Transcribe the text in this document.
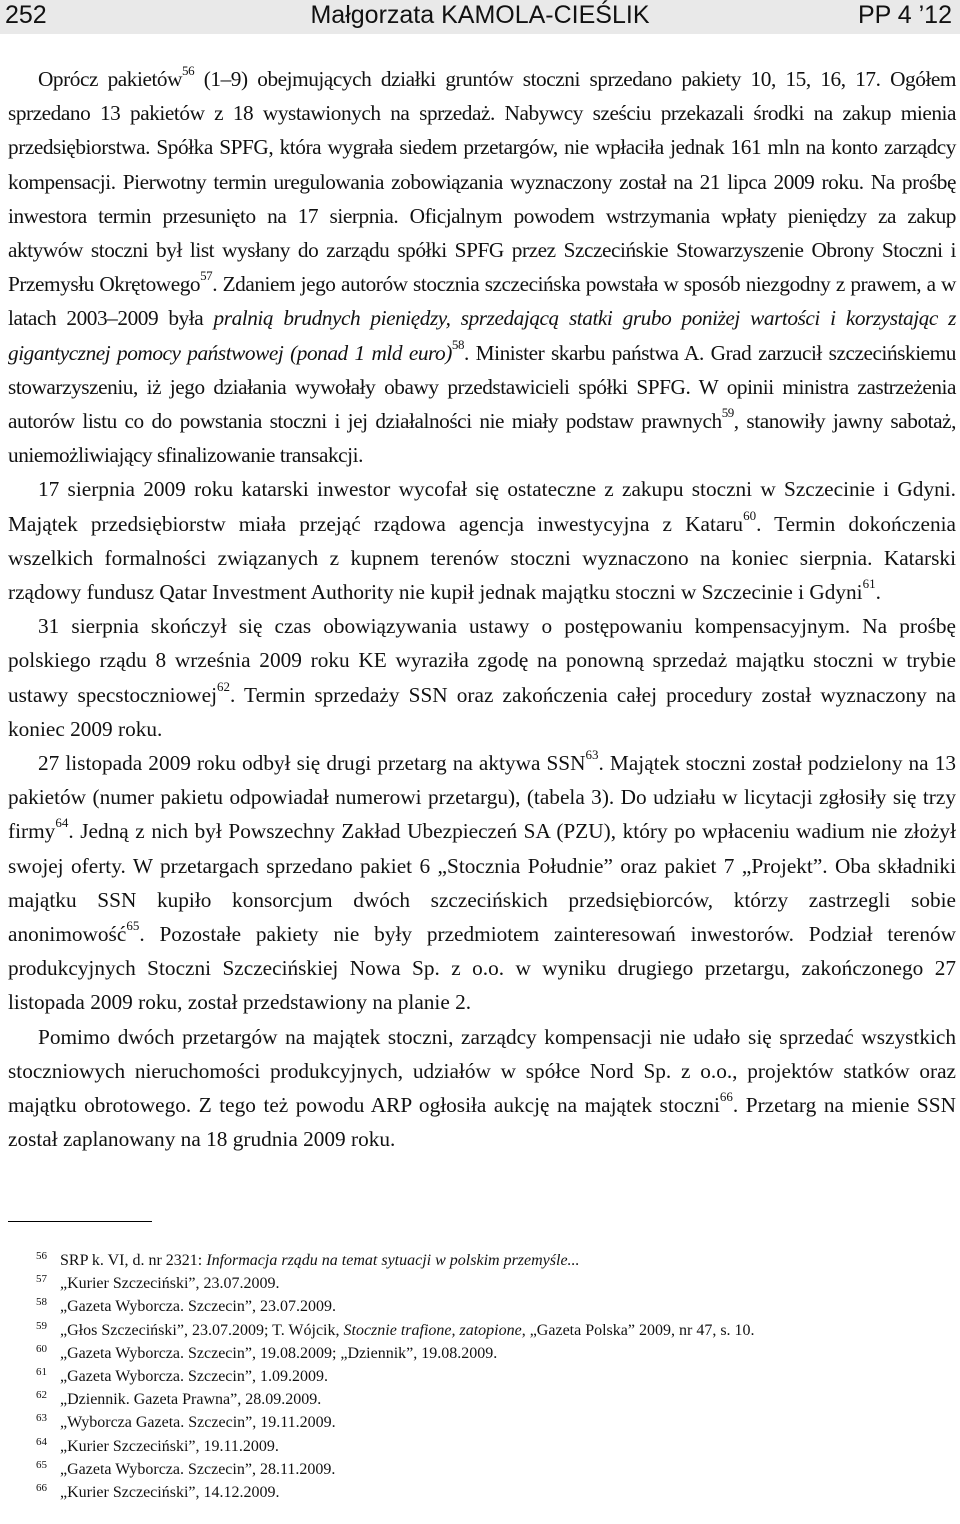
252	Małgorzata KAMOLA-CIEŚLIK	PP 4 ’12

Oprócz pakietów$^{56}$ (1–9) obejmujących działki gruntów stoczni sprzedano pakiety 10, 15, 16, 17. Ogółem sprzedano 13 pakietów z 18 wystawionych na sprzedaż. Nabywcy sześciu przekazali środki na zakup mienia przedsiębiorstwa. Spółka SPFG, która wygrała siedem przetargów, nie wpłaciła jednak 161 mln na konto zarządcy kompensacji. Pierwotny termin uregulowania zobowiązania wyznaczony został na 21 lipca 2009 roku. Na prośbę inwestora termin przesunięto na 17 sierpnia. Oficjalnym powodem wstrzymania wpłaty pieniędzy za zakup aktywów stoczni był list wysłany do zarządu spółki SPFG przez Szczecińskie Stowarzyszenie Obrony Stoczni i Przemysłu Okrętowego$^{57}$. Zdaniem jego autorów stocznia szczecińska powstała w sposób niezgodny z prawem, a w latach 2003–2009 była pralnią brudnych pieniędzy, sprzedającą statki grubo poniżej wartości i korzystając z gigantycznej pomocy państwowej (ponad 1 mld euro)$^{58}$. Minister skarbu państwa A. Grad zarzucił szczecińskiemu stowarzyszeniu, iż jego działania wywołały obawy przedstawicieli spółki SPFG. W opinii ministra zastrzeżenia autorów listu co do powstania stoczni i jej działalności nie miały podstaw prawnych$^{59}$, stanowiły jawny sabotaż, uniemożliwiający sfinalizowanie transakcji.

17 sierpnia 2009 roku katarski inwestor wycofał się ostateczne z zakupu stoczni w Szczecinie i Gdyni. Majątek przedsiębiorstw miała przejąć rządowa agencja inwestycyjna z Kataru$^{60}$. Termin dokończenia wszelkich formalności związanych z kupnem terenów stoczni wyznaczono na koniec sierpnia. Katarski rządowy fundusz Qatar Investment Authority nie kupił jednak majątku stoczni w Szczecinie i Gdyni$^{61}$.

31 sierpnia skończył się czas obowiązywania ustawy o postępowaniu kompensacyjnym. Na prośbę polskiego rządu 8 września 2009 roku KE wyraziła zgodę na ponowną sprzedaż majątku stoczni w trybie ustawy specstoczniowej$^{62}$. Termin sprzedaży SSN oraz zakończenia całej procedury został wyznaczony na koniec 2009 roku.

27 listopada 2009 roku odbył się drugi przetarg na aktywa SSN$^{63}$. Majątek stoczni został podzielony na 13 pakietów (numer pakietu odpowiadał numerowi przetargu), (tabela 3). Do udziału w licytacji zgłosiły się trzy firmy$^{64}$. Jedną z nich był Powszechny Zakład Ubezpieczeń SA (PZU), który po wpłaceniu wadium nie złożył swojej oferty. W przetargach sprzedano pakiet 6 „Stocznia Południe” oraz pakiet 7 „Projekt”. Oba składniki majątku SSN kupiło konsorcjum dwóch szczecińskich przedsiębiorców, którzy zastrzegli sobie anonimowość$^{65}$. Pozostałe pakiety nie były przedmiotem zainteresowań inwestorów. Podział terenów produkcyjnych Stoczni Szczecińskiej Nowa Sp. z o.o. w wyniku drugiego przetargu, zakończonego 27 listopada 2009 roku, został przedstawiony na planie 2.

Pomimo dwóch przetargów na majątek stoczni, zarządcy kompensacji nie udało się sprzedać wszystkich stoczniowych nieruchomości produkcyjnych, udziałów w spółce Nord Sp. z o.o., projektów statków oraz majątku obrotowego. Z tego też powodu ARP ogłosiła aukcję na majątek stoczni$^{66}$. Przetarg na mienie SSN został zaplanowany na 18 grudnia 2009 roku.

56 SRP k. VI, d. nr 2321: Informacja rządu na temat sytuacji w polskim przemyśle...
57 „Kurier Szczeciński”, 23.07.2009.
58 „Gazeta Wyborcza. Szczecin”, 23.07.2009.
59 „Głos Szczeciński”, 23.07.2009; T. Wójcik, Stocznie trafione, zatopione, „Gazeta Polska” 2009, nr 47, s. 10.
60 „Gazeta Wyborcza. Szczecin”, 19.08.2009; „Dziennik”, 19.08.2009.
61 „Gazeta Wyborcza. Szczecin”, 1.09.2009.
62 „Dziennik. Gazeta Prawna”, 28.09.2009.
63 „Wyborcza Gazeta. Szczecin”, 19.11.2009.
64 „Kurier Szczeciński”, 19.11.2009.
65 „Gazeta Wyborcza. Szczecin”, 28.11.2009.
66 „Kurier Szczeciński”, 14.12.2009.
